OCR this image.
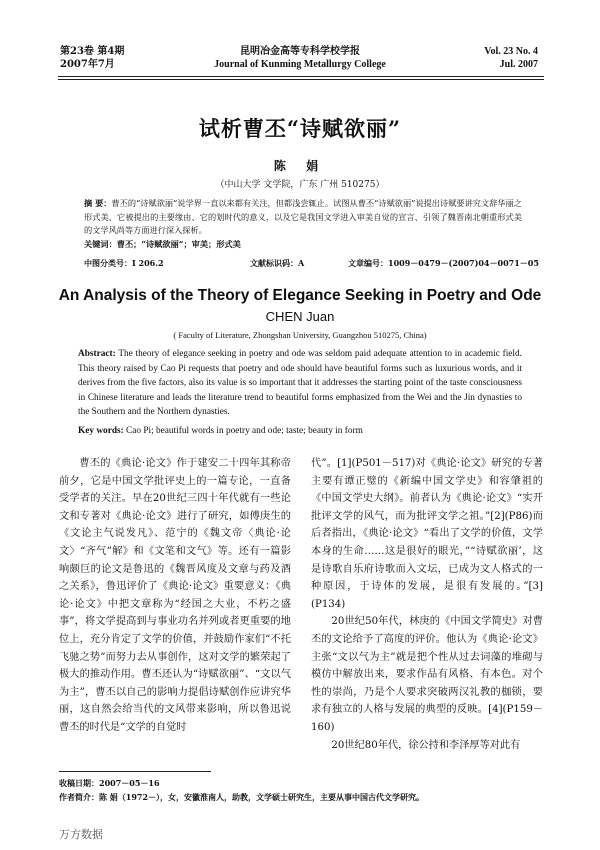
第23卷 第4期
2007年7月
昆明冶金高等专科学校学报
Journal of Kunming Metallurgy College
Vol. 23 No. 4
Jul. 2007
试析曹丕“诗赋欲丽”
陈 娟
（中山大学 文学院，广东 广州 510275）
摘 要：曹丕的“诗赋欲丽”说学界一直以来都有关注，但都浅尝辄止。试图从曹丕“诗赋欲丽”说提出诗赋要讲究文辞华丽之形式美、它被提出的主要缘由、它的划时代的意义，以及它是我国文学进入审美自觉的宣言、引领了魏晋南北朝重形式美的文学风尚等方面进行深入探析。
关键词：曹丕；“诗赋欲丽”；审美；形式美
中图分类号：I 206.2	文献标识码：A	文章编号：1009－0479－(2007)04－0071－05
An Analysis of the Theory of Elegance Seeking in Poetry and Ode
CHEN Juan
( Faculty of Literature, Zhongshan University, Guangzhou 510275, China)
Abstract: The theory of elegance seeking in poetry and ode was seldom paid adequate attention to in academic field. This theory raised by Cao Pi requests that poetry and ode should have beautiful forms such as luxurious words, and it derives from the five factors, also its value is so important that it addresses the starting point of the taste consciousness in Chinese literature and leads the literature trend to beautiful forms emphasized from the Wei and the Jin dynasties to the Southern and the Northern dynasties.
Key words: Cao Pi; beautiful words in poetry and ode; taste; beauty in form

曹丕的《典论·论文》作于建安二十四年其称帝前夕，它是中国文学批评史上的一篇专论，一直备受学者的关注。早在20世纪三四十年代就有一些论文和专著对《典论·论文》进行了研究，如傅庚生的《文论主气说发凡》、范宁的《魏文帝〈典论·论文〉“齐气”解》和《文笔和文气》等。还有一篇影响颇巨的论文是鲁迅的《魏晋风度及文章与药及酒之关系》，鲁迅评价了《典论·论文》重要意义：《典论·论文》中把文章称为“经国之大业，不朽之盛事”，将文学提高到与事业功名并列或者更重要的地位上，充分肯定了文学的价值，并鼓励作家们“不托飞驰之势”而努力去从事创作，这对文学的繁荣起了极大的推动作用。曹丕还认为“诗赋欲丽”、“文以气为主”，曹丕以自己的影响力提倡诗赋创作应讲究华丽，这自然会给当代的文风带来影响，所以鲁迅说曹丕的时代是“文学的自觉时

代”。[1](P501－517)对《典论·论文》研究的专著主要有谭正璧的《新编中国文学史》和容肇祖的《中国文学史大纲》。前者认为《典论·论文》“实开批评文学的风气，而为批评文学之祖。”[2](P86)而后者指出，《典论·论文》“看出了文学的价值，文学本身的生命……这是很好的眼光，”“诗赋欲丽’，这是诗歌自乐府诗歌而入文坛，已成为文人格式的一种原因，于诗体的发展，是很有发展的。”[3](P134)

20世纪50年代，林庚的《中国文学简史》对曹丕的文论给予了高度的评价。他认为《典论·论文》主张“文以气为主”就是把个性从过去词藻的堆砌与模仿中解放出来，要求作品有风格、有本色。对个性的崇尚，乃是个人要求突破两汉礼教的枷锁，要求有独立的人格与发展的典型的反映。[4](P159－160)

20世纪80年代，徐公持和李泽厚等对此有

收稿日期：2007－05－16
作者简介：陈 娟（1972－），女，安徽淮南人，助教，文学硕士研究生，主要从事中国古代文学研究。
万方数据
